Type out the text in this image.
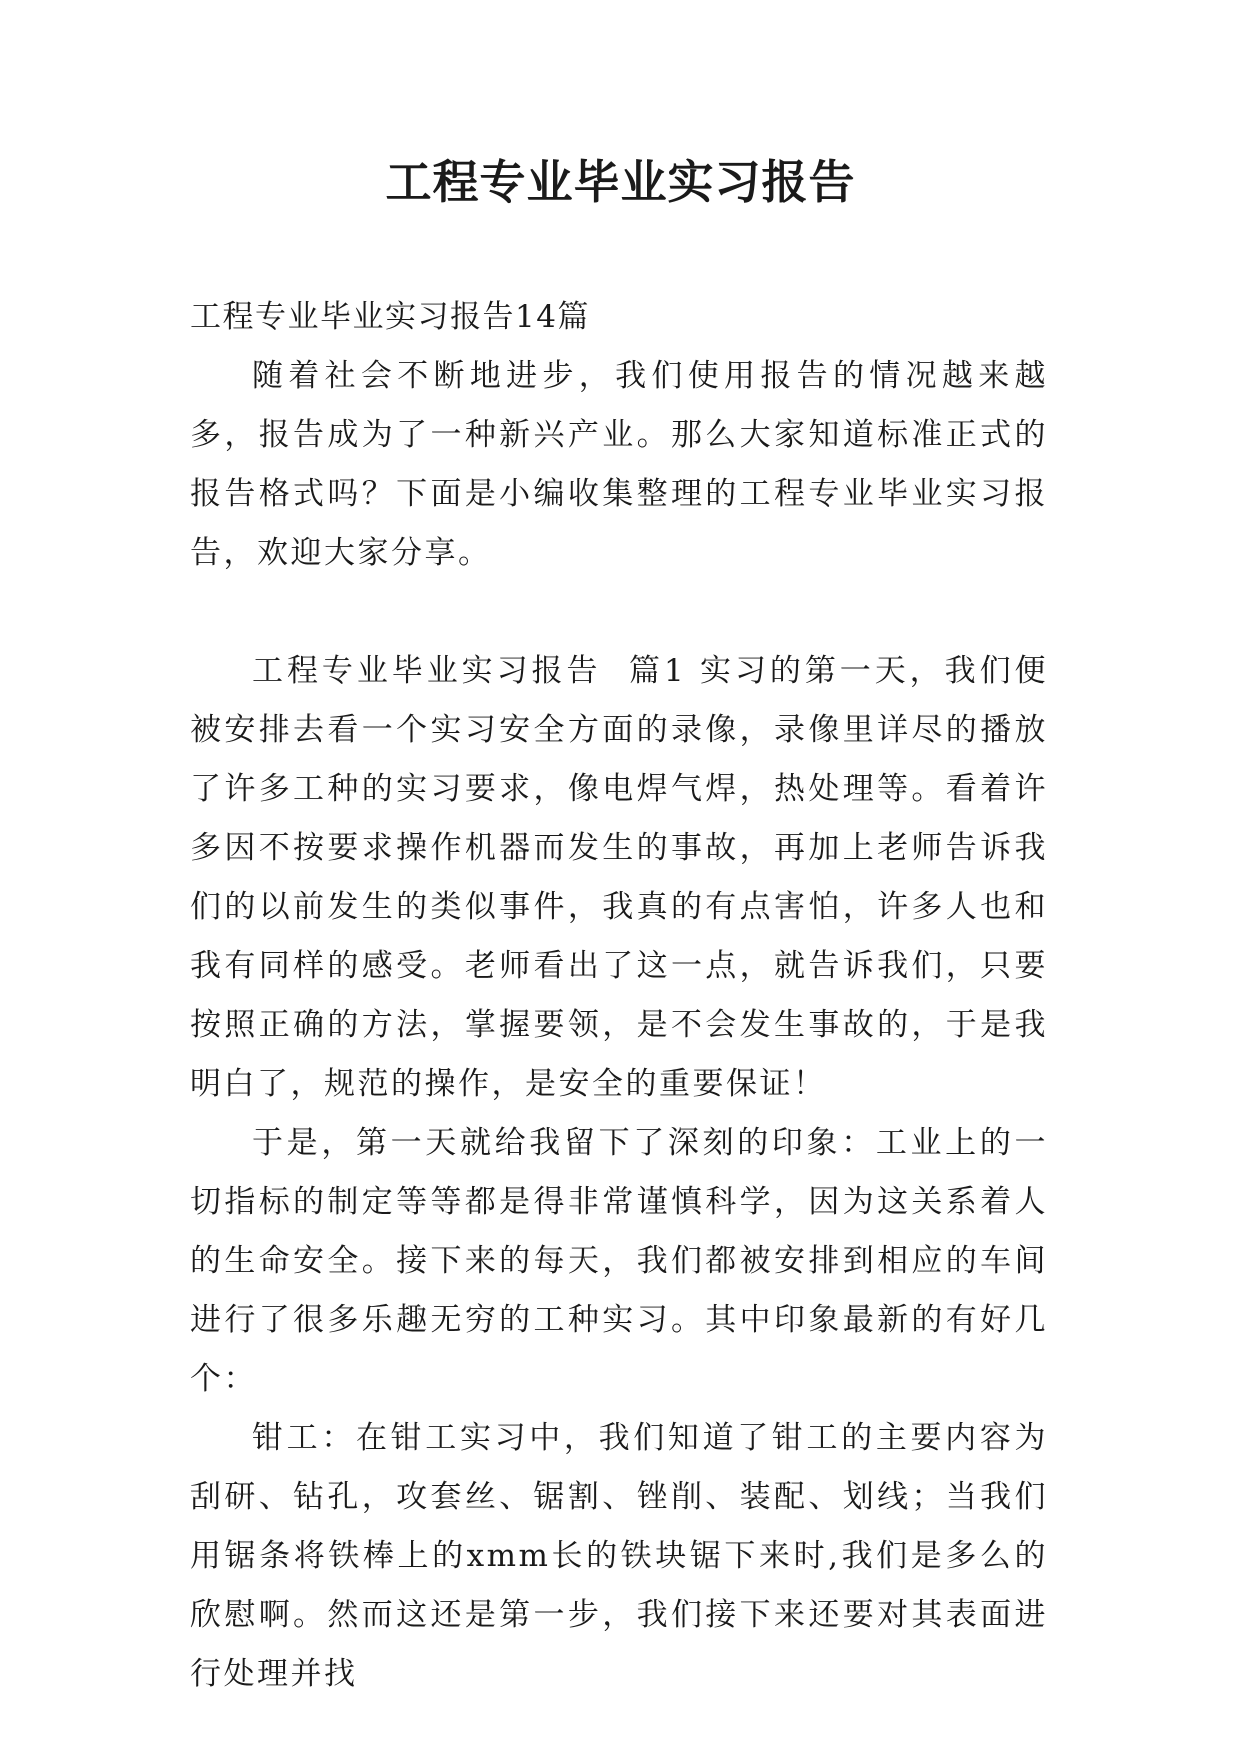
工程专业毕业实习报告

工程专业毕业实习报告14篇

随着社会不断地进步，我们使用报告的情况越来越多，报告成为了一种新兴产业。那么大家知道标准正式的报告格式吗？下面是小编收集整理的工程专业毕业实习报告，欢迎大家分享。

工程专业毕业实习报告  篇1 实习的第一天，我们便被安排去看一个实习安全方面的录像，录像里详尽的播放了许多工种的实习要求，像电焊气焊，热处理等。看着许多因不按要求操作机器而发生的事故，再加上老师告诉我们的以前发生的类似事件，我真的有点害怕，许多人也和我有同样的感受。老师看出了这一点，就告诉我们，只要按照正确的方法，掌握要领，是不会发生事故的，于是我明白了，规范的操作，是安全的重要保证！

于是，第一天就给我留下了深刻的印象：工业上的一切指标的制定等等都是得非常谨慎科学，因为这关系着人的生命安全。接下来的每天，我们都被安排到相应的车间进行了很多乐趣无穷的工种实习。其中印象最新的有好几个：

钳工：在钳工实习中，我们知道了钳工的主要内容为刮研、钻孔，攻套丝、锯割、锉削、装配、划线；当我们用锯条将铁棒上的xmm长的铁块锯下来时,我们是多么的欣慰啊。然而这还是第一步，我们接下来还要对其表面进行处理并找
